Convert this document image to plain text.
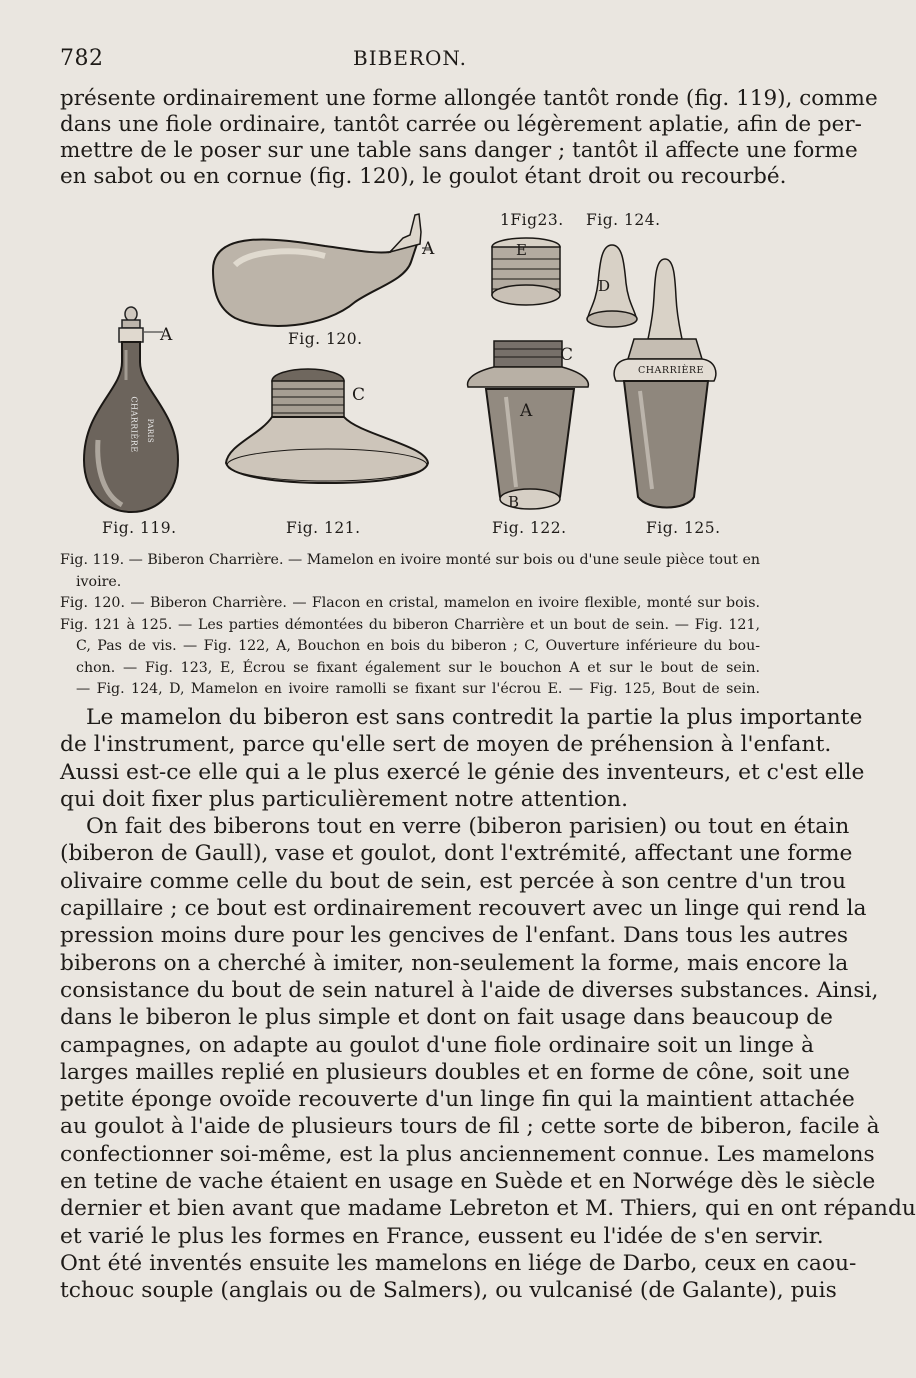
782	BIBERON.
présente ordinairement une forme allongée tantôt ronde (fig. 119), comme
dans une fiole ordinaire, tantôt carrée ou légèrement aplatie, afin de per-
mettre de le poser sur une table sans danger ; tantôt il affecte une forme
en sabot ou en cornue (fig. 120), le goulot étant droit ou recourbé.
A
CHARRIÈRE PARIS
Fig. 119.
A
Fig. 120.
C
Fig. 121.
C
A
B
Fig. 122.
1Fig23.
E
Fig. 124.
D
CHARRIÈRE
Fig. 125.
Fig. 119. — Biberon Charrière. — Mamelon en ivoire monté sur bois ou d'une seule pièce tout en
ivoire.
Fig. 120. — Biberon Charrière. — Flacon en cristal, mamelon en ivoire flexible, monté sur bois.
Fig. 121 à 125. — Les parties démontées du biberon Charrière et un bout de sein. — Fig. 121,
C, Pas de vis. — Fig. 122, A, Bouchon en bois du biberon ; C, Ouverture inférieure du bou-
chon. — Fig. 123, E, Écrou se fixant également sur le bouchon A et sur le bout de sein.
— Fig. 124, D, Mamelon en ivoire ramolli se fixant sur l'écrou E. — Fig. 125, Bout de sein.
Le mamelon du biberon est sans contredit la partie la plus importante
de l'instrument, parce qu'elle sert de moyen de préhension à l'enfant.
Aussi est-ce elle qui a le plus exercé le génie des inventeurs, et c'est elle
qui doit fixer plus particulièrement notre attention.
On fait des biberons tout en verre (biberon parisien) ou tout en étain
(biberon de Gaull), vase et goulot, dont l'extrémité, affectant une forme
olivaire comme celle du bout de sein, est percée à son centre d'un trou
capillaire ; ce bout est ordinairement recouvert avec un linge qui rend la
pression moins dure pour les gencives de l'enfant. Dans tous les autres
biberons on a cherché à imiter, non-seulement la forme, mais encore la
consistance du bout de sein naturel à l'aide de diverses substances. Ainsi,
dans le biberon le plus simple et dont on fait usage dans beaucoup de
campagnes, on adapte au goulot d'une fiole ordinaire soit un linge à
larges mailles replié en plusieurs doubles et en forme de cône, soit une
petite éponge ovoïde recouverte d'un linge fin qui la maintient attachée
au goulot à l'aide de plusieurs tours de fil ; cette sorte de biberon, facile à
confectionner soi-même, est la plus anciennement connue. Les mamelons
en tetine de vache étaient en usage en Suède et en Norwége dès le siècle
dernier et bien avant que madame Lebreton et M. Thiers, qui en ont répandu
et varié le plus les formes en France, eussent eu l'idée de s'en servir.
Ont été inventés ensuite les mamelons en liége de Darbo, ceux en caou-
tchouc souple (anglais ou de Salmers), ou vulcanisé (de Galante), puis
